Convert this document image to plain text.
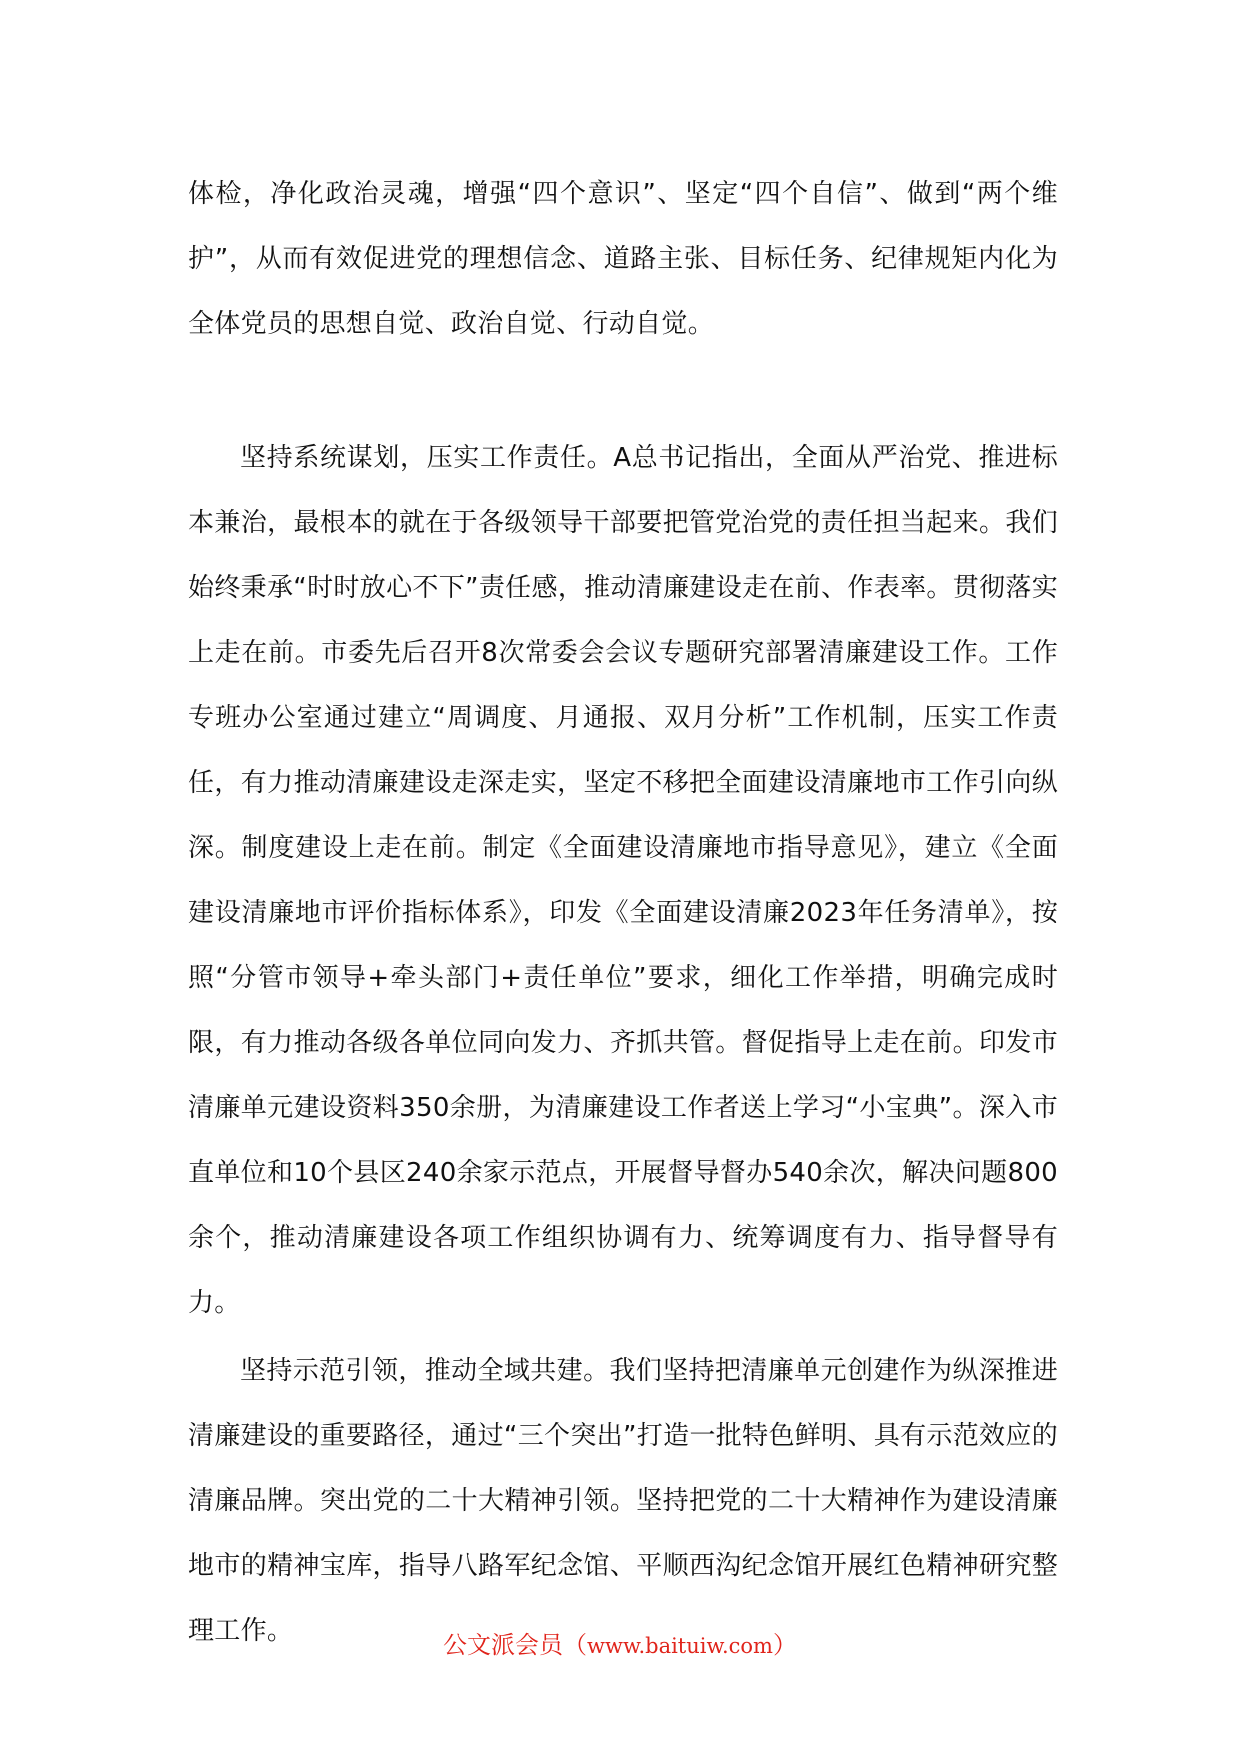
体检，净化政治灵魂，增强“四个意识”、坚定“四个自信”、做到“两个维护”，从而有效促进党的理想信念、道路主张、目标任务、纪律规矩内化为全体党员的思想自觉、政治自觉、行动自觉。

坚持系统谋划，压实工作责任。A总书记指出，全面从严治党、推进标本兼治，最根本的就在于各级领导干部要把管党治党的责任担当起来。我们始终秉承“时时放心不下”责任感，推动清廉建设走在前、作表率。贯彻落实上走在前。市委先后召开8次常委会会议专题研究部署清廉建设工作。工作专班办公室通过建立“周调度、月通报、双月分析”工作机制，压实工作责任，有力推动清廉建设走深走实，坚定不移把全面建设清廉地市工作引向纵深。制度建设上走在前。制定《全面建设清廉地市指导意见》，建立《全面建设清廉地市评价指标体系》，印发《全面建设清廉2023年任务清单》，按照“分管市领导+牵头部门+责任单位”要求，细化工作举措，明确完成时限，有力推动各级各单位同向发力、齐抓共管。督促指导上走在前。印发市清廉单元建设资料350余册，为清廉建设工作者送上学习“小宝典”。深入市直单位和10个县区240余家示范点，开展督导督办540余次，解决问题800余个，推动清廉建设各项工作组织协调有力、统筹调度有力、指导督导有力。

坚持示范引领，推动全域共建。我们坚持把清廉单元创建作为纵深推进清廉建设的重要路径，通过“三个突出”打造一批特色鲜明、具有示范效应的清廉品牌。突出党的二十大精神引领。坚持把党的二十大精神作为建设清廉地市的精神宝库，指导八路军纪念馆、平顺西沟纪念馆开展红色精神研究整理工作。	公文派会员（www.baituiw.com）
